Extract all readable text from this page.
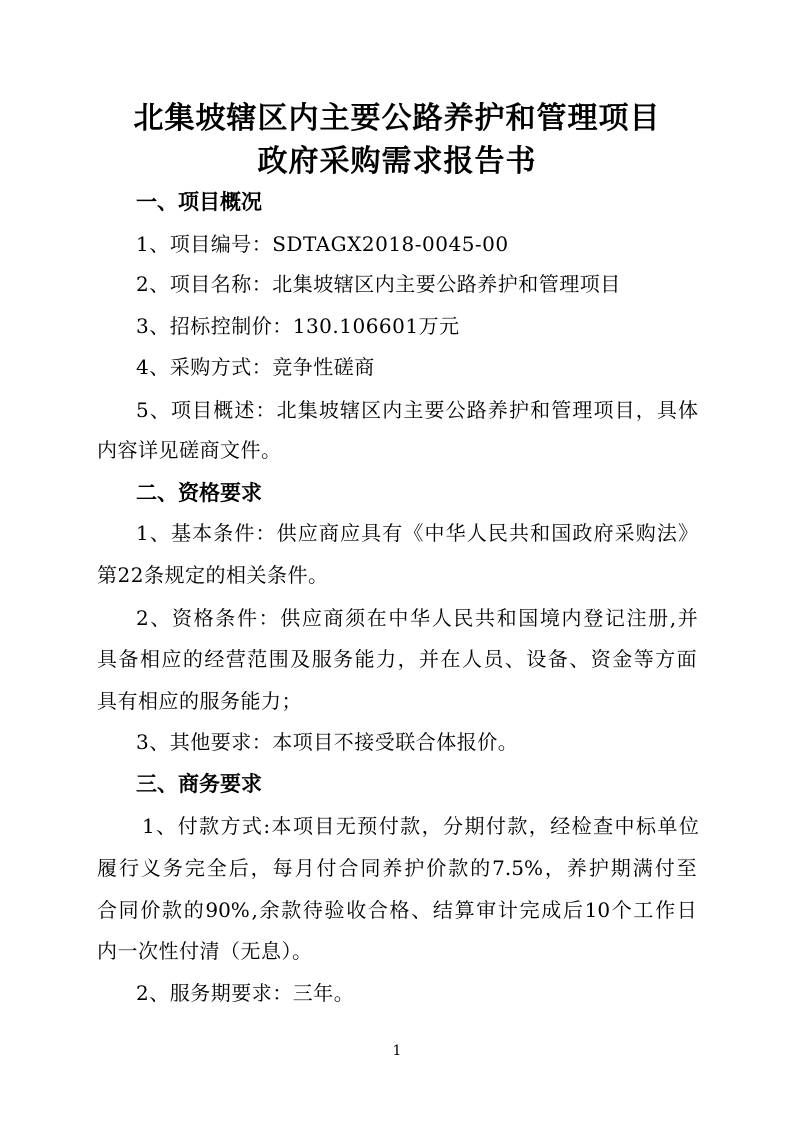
北集坡辖区内主要公路养护和管理项目
政府采购需求报告书
一、项目概况
1、项目编号：SDTAGX2018-0045-00
2、项目名称：北集坡辖区内主要公路养护和管理项目
3、招标控制价：130.106601万元
4、采购方式：竞争性磋商
5 、 项 目 概 述 ： 北 集 坡 辖 区 内 主 要 公 路 养 护 和 管 理 项 目 ， 具 体
内容详见磋商文件。
二、资格要求
1 、 基 本 条 件 ： 供 应 商 应 具 有 《 中 华 人 民 共 和 国 政 府 采 购 法 》
第22条规定的相关条件。
2 、 资 格 条 件 ： 供 应 商 须 在 中 华 人 民 共 和 国 境 内 登 记 注 册 , 并
具 备 相 应 的 经 营 范 围 及 服 务 能 力 ， 并 在 人 员 、 设 备 、 资 金 等 方 面
具有相应的服务能力；
3、其他要求：本项目不接受联合体报价。
三、商务要求
1 、 付 款 方 式 : 本 项 目 无 预 付 款 ， 分 期 付 款 ， 经 检 查 中 标 单 位
履 行 义 务 完 全 后 ， 每 月 付 合 同 养 护 价 款 的 7.5% ， 养 护 期 满 付 至
合 同 价 款 的 90% , 余 款 待 验 收 合 格 、 结 算 审 计 完 成 后 10 个 工 作 日
内一次性付清（无息）。
2、服务期要求：三年。
1
